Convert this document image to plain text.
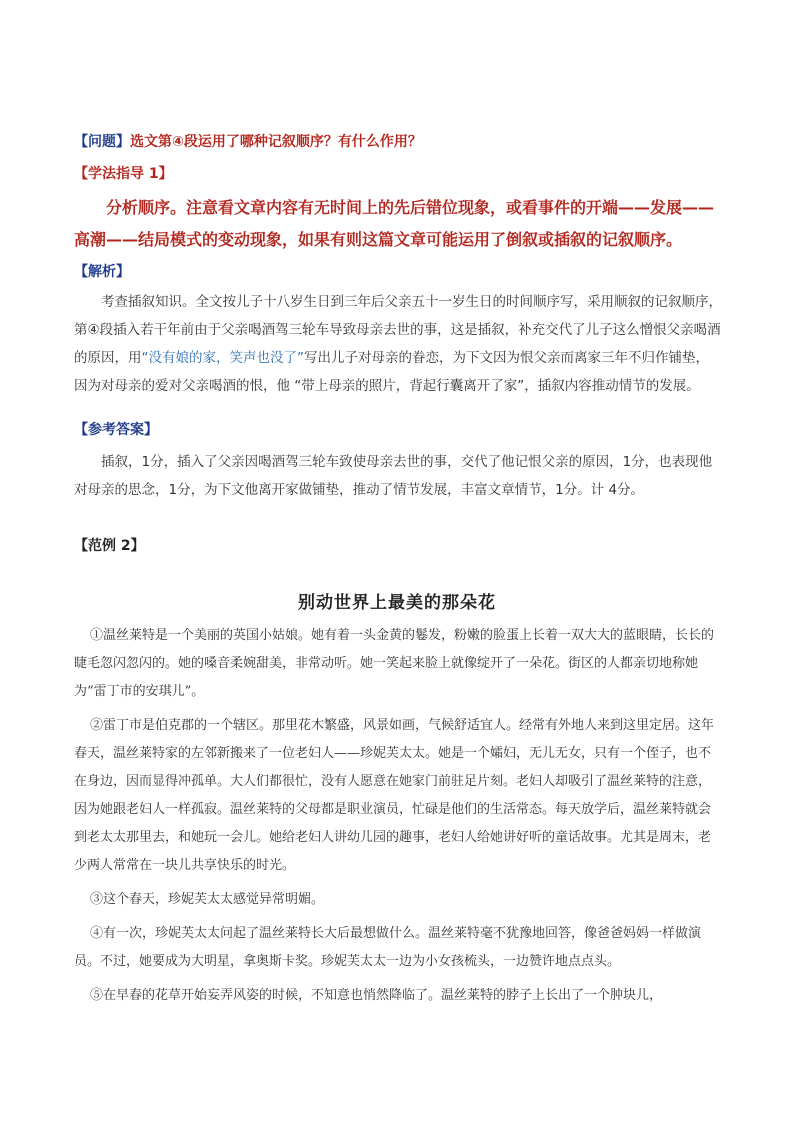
【问题】选文第④段运用了哪种记叙顺序？有什么作用？
【学法指导 1】
分析顺序。注意看文章内容有无时间上的先后错位现象，或看事件的开端——发展——高潮——结局模式的变动现象，如果有则这篇文章可能运用了倒叙或插叙的记叙顺序。
【解析】
考查插叙知识。全文按儿子十八岁生日到三年后父亲五十一岁生日的时间顺序写，采用顺叙的记叙顺序，第④段插入若干年前由于父亲喝酒驾三轮车导致母亲去世的事，这是插叙，补充交代了儿子这么憎恨父亲喝酒的原因，用“没有娘的家，笑声也没了”写出儿子对母亲的眷恋，为下文因为恨父亲而离家三年不归作铺垫，因为对母亲的爱对父亲喝酒的恨，他 “带上母亲的照片，背起行囊离开了家”，插叙内容推动情节的发展。
【参考答案】
插叙，1分，插入了父亲因喝酒驾三轮车致使母亲去世的事，交代了他记恨父亲的原因，1分，也表现他对母亲的思念，1分，为下文他离开家做铺垫，推动了情节发展，丰富文章情节，1分。计 4分。
【范例 2】
别动世界上最美的那朵花

①温丝莱特是一个美丽的英国小姑娘。她有着一头金黄的鬈发，粉嫩的脸蛋上长着一双大大的蓝眼睛，长长的睫毛忽闪忽闪的。她的嗓音柔婉甜美，非常动听。她一笑起来脸上就像绽开了一朵花。街区的人都亲切地称她为“雷丁市的安琪儿”。

②雷丁市是伯克郡的一个辖区。那里花木繁盛，风景如画，气候舒适宜人。经常有外地人来到这里定居。这年春天，温丝莱特家的左邻新搬来了一位老妇人——珍妮芙太太。她是一个孀妇，无儿无女，只有一个侄子，也不在身边，因而显得冲孤单。大人们都很忙，没有人愿意在她家门前驻足片刻。老妇人却吸引了温丝莱特的注意，因为她跟老妇人一样孤寂。温丝莱特的父母都是职业演员，忙碌是他们的生活常态。每天放学后，温丝莱特就会到老太太那里去，和她玩一会儿。她给老妇人讲幼儿园的趣事，老妇人给她讲好听的童话故事。尤其是周末，老少两人常常在一块儿共享快乐的时光。

③这个春天，珍妮芙太太感觉异常明媚。

④有一次，珍妮芙太太问起了温丝莱特长大后最想做什么。温丝莱特毫不犹豫地回答，像爸爸妈妈一样做演员。不过，她要成为大明星，拿奥斯卡奖。珍妮芙太太一边为小女孩梳头，一边赞许地点点头。

⑤在早春的花草开始妄弄风姿的时候，不知意也悄然降临了。温丝莱特的脖子上长出了一个肿块儿，
